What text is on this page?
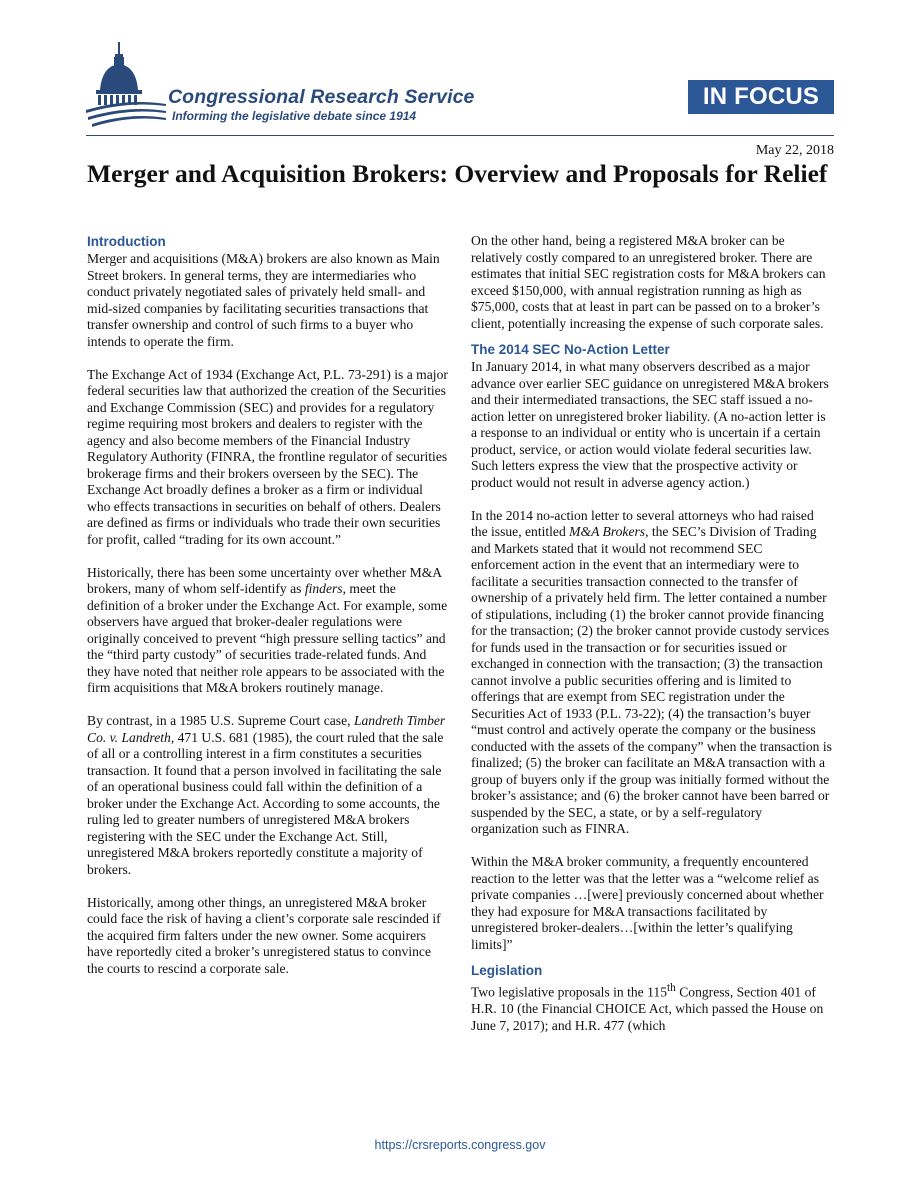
Congressional Research Service
Informing the legislative debate since 1914
IN FOCUS
May 22, 2018
Merger and Acquisition Brokers: Overview and Proposals for Relief
Introduction

Merger and acquisitions (M&A) brokers are also known as Main Street brokers. In general terms, they are intermediaries who conduct privately negotiated sales of privately held small- and mid-sized companies by facilitating securities transactions that transfer ownership and control of such firms to a buyer who intends to operate the firm.

The Exchange Act of 1934 (Exchange Act, P.L. 73-291) is a major federal securities law that authorized the creation of the Securities and Exchange Commission (SEC) and provides for a regulatory regime requiring most brokers and dealers to register with the agency and also become members of the Financial Industry Regulatory Authority (FINRA, the frontline regulator of securities brokerage firms and their brokers overseen by the SEC). The Exchange Act broadly defines a broker as a firm or individual who effects transactions in securities on behalf of others. Dealers are defined as firms or individuals who trade their own securities for profit, called “trading for its own account.”

Historically, there has been some uncertainty over whether M&A brokers, many of whom self-identify as finders, meet the definition of a broker under the Exchange Act. For example, some observers have argued that broker-dealer regulations were originally conceived to prevent “high pressure selling tactics” and the “third party custody” of securities trade-related funds. And they have noted that neither role appears to be associated with the firm acquisitions that M&A brokers routinely manage.

By contrast, in a 1985 U.S. Supreme Court case, Landreth Timber Co. v. Landreth, 471 U.S. 681 (1985), the court ruled that the sale of all or a controlling interest in a firm constitutes a securities transaction. It found that a person involved in facilitating the sale of an operational business could fall within the definition of a broker under the Exchange Act. According to some accounts, the ruling led to greater numbers of unregistered M&A brokers registering with the SEC under the Exchange Act. Still, unregistered M&A brokers reportedly constitute a majority of brokers.

Historically, among other things, an unregistered M&A broker could face the risk of having a client’s corporate sale rescinded if the acquired firm falters under the new owner. Some acquirers have reportedly cited a broker’s unregistered status to convince the courts to rescind a corporate sale.

On the other hand, being a registered M&A broker can be relatively costly compared to an unregistered broker. There are estimates that initial SEC registration costs for M&A brokers can exceed $150,000, with annual registration running as high as $75,000, costs that at least in part can be passed on to a broker’s client, potentially increasing the expense of such corporate sales.

The 2014 SEC No-Action Letter

In January 2014, in what many observers described as a major advance over earlier SEC guidance on unregistered M&A brokers and their intermediated transactions, the SEC staff issued a no-action letter on unregistered broker liability. (A no-action letter is a response to an individual or entity who is uncertain if a certain product, service, or action would violate federal securities law. Such letters express the view that the prospective activity or product would not result in adverse agency action.)

In the 2014 no-action letter to several attorneys who had raised the issue, entitled M&A Brokers, the SEC’s Division of Trading and Markets stated that it would not recommend SEC enforcement action in the event that an intermediary were to facilitate a securities transaction connected to the transfer of ownership of a privately held firm. The letter contained a number of stipulations, including (1) the broker cannot provide financing for the transaction; (2) the broker cannot provide custody services for funds used in the transaction or for securities issued or exchanged in connection with the transaction; (3) the transaction cannot involve a public securities offering and is limited to offerings that are exempt from SEC registration under the Securities Act of 1933 (P.L. 73-22); (4) the transaction’s buyer “must control and actively operate the company or the business conducted with the assets of the company” when the transaction is finalized; (5) the broker can facilitate an M&A transaction with a group of buyers only if the group was initially formed without the broker’s assistance; and (6) the broker cannot have been barred or suspended by the SEC, a state, or by a self-regulatory organization such as FINRA.

Within the M&A broker community, a frequently encountered reaction to the letter was that the letter was a “welcome relief as private companies …[were] previously concerned about whether they had exposure for M&A transactions facilitated by unregistered broker-dealers…[within the letter’s qualifying limits]”

Legislation

Two legislative proposals in the 115th Congress, Section 401 of H.R. 10 (the Financial CHOICE Act, which passed the House on June 7, 2017); and H.R. 477 (which

https://crsreports.congress.gov
